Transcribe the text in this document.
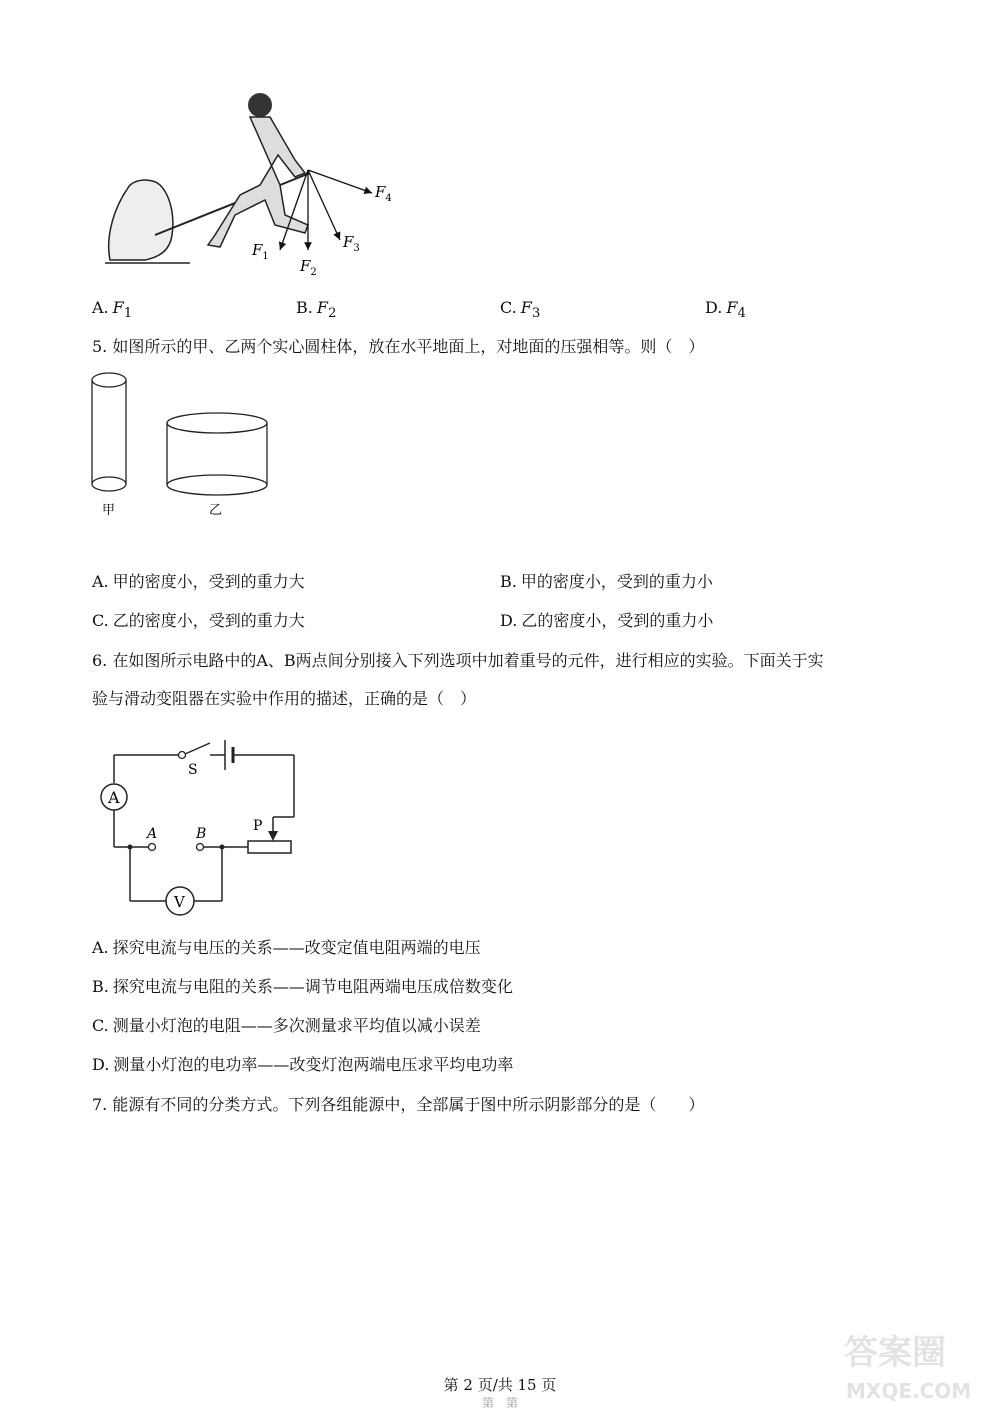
$F_1$
$F_2$
$F_3$
$F_4$
A. $F_1$	B. $F_2$	C. $F_3$	D. $F_4$
5. 如图所示的甲、乙两个实心圆柱体，放在水平地面上，对地面的压强相等。则（　）
甲	乙
A. 甲的密度小，受到的重力大	B. 甲的密度小，受到的重力小
C. 乙的密度小，受到的重力大	D. 乙的密度小，受到的重力小
6. 在如图所示电路中的A、B两点间分别接入下列选项中加着重号的元件，进行相应的实验。下面关于实
验与滑动变阻器在实验中作用的描述，正确的是（　）
S
A
A	B	P
V
A. 探究电流与电压的关系——改变定值电阻两端的电压
B. 探究电流与电阻的关系——调节电阻两端电压成倍数变化
C. 测量小灯泡的电阻——多次测量求平均值以减小误差
D. 测量小灯泡的电功率——改变灯泡两端电压求平均电功率
7. 能源有不同的分类方式。下列各组能源中，全部属于图中所示阴影部分的是（　　）
第 2 页/共 15 页
第　第
答案圈
MXQE.COM
